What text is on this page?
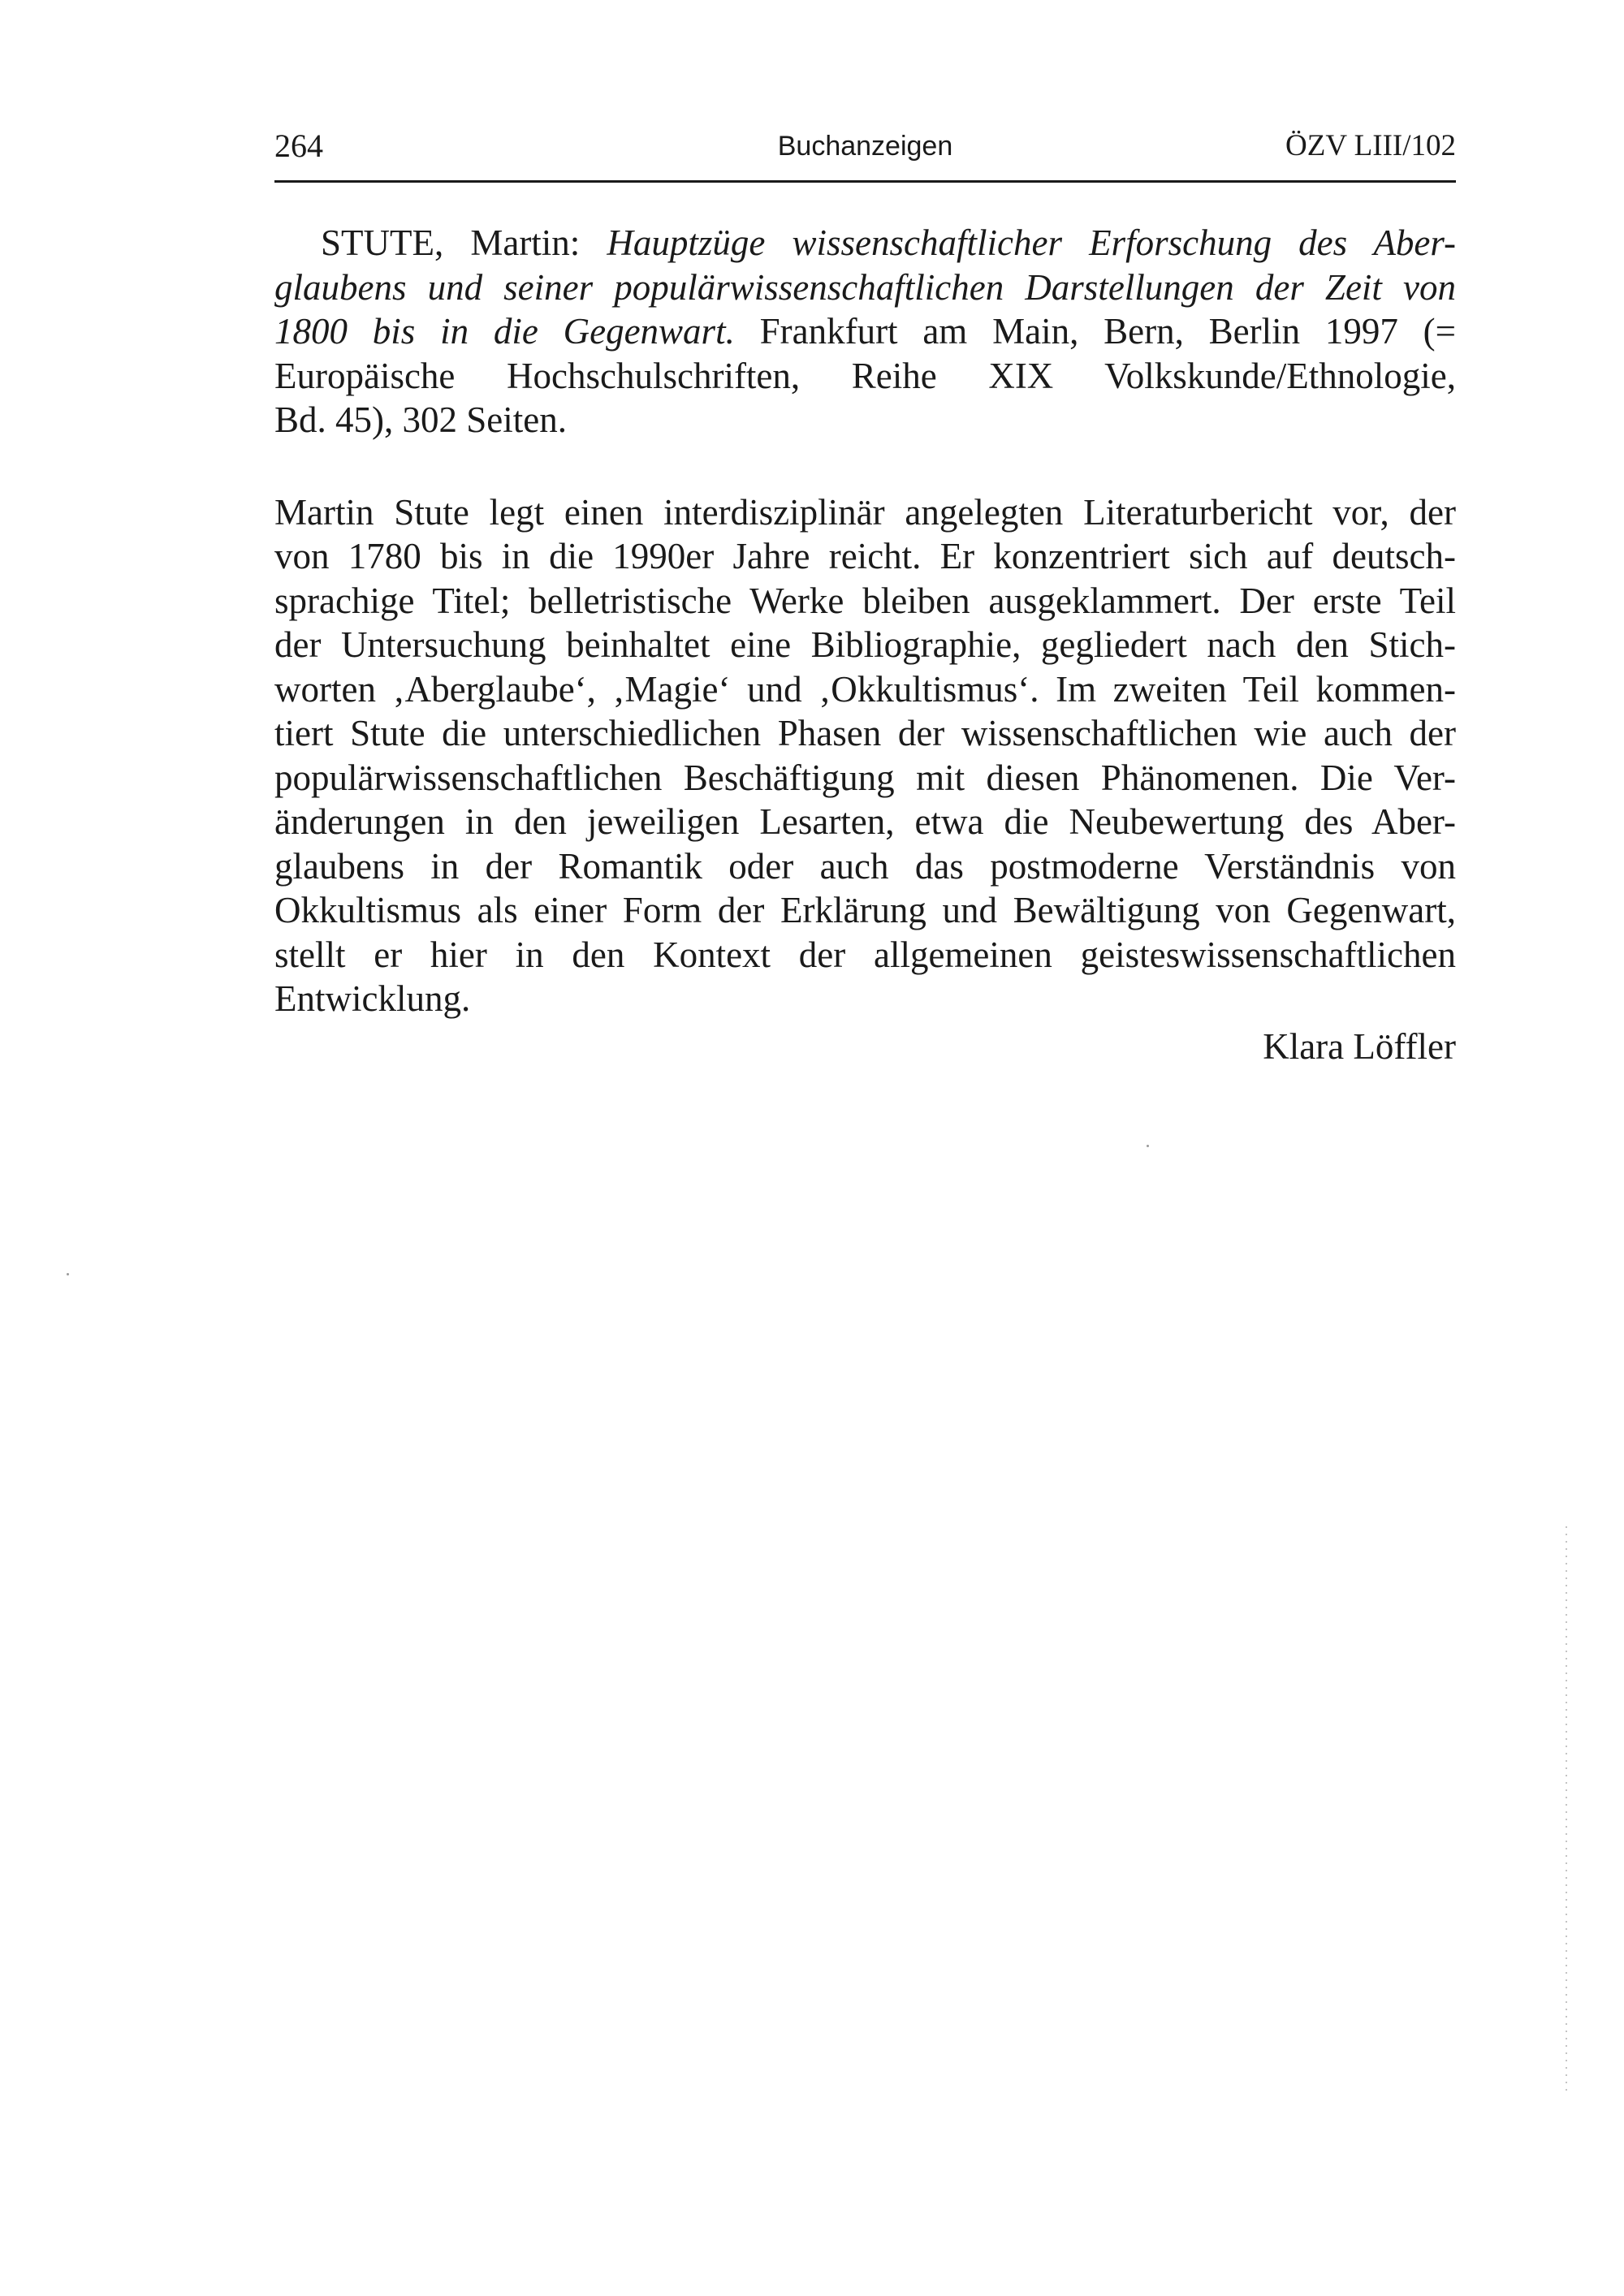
264	Buchanzeigen	ÖZV LIII/102
STUTE, Martin: Hauptzüge wissenschaftlicher Erforschung des Aber-
glaubens und seiner populärwissenschaftlichen Darstellungen der Zeit von
1800 bis in die Gegenwart. Frankfurt am Main, Bern, Berlin 1997 (=
Europäische Hochschulschriften, Reihe XIX Volkskunde/Ethnologie,
Bd. 45), 302 Seiten.
Martin Stute legt einen interdisziplinär angelegten Literaturbericht vor, der
von 1780 bis in die 1990er Jahre reicht. Er konzentriert sich auf deutsch-
sprachige Titel; belletristische Werke bleiben ausgeklammert. Der erste Teil
der Untersuchung beinhaltet eine Bibliographie, gegliedert nach den Stich-
worten ‚Aberglaube‘, ‚Magie‘ und ‚Okkultismus‘. Im zweiten Teil kommen-
tiert Stute die unterschiedlichen Phasen der wissenschaftlichen wie auch der
populärwissenschaftlichen Beschäftigung mit diesen Phänomenen. Die Ver-
änderungen in den jeweiligen Lesarten, etwa die Neubewertung des Aber-
glaubens in der Romantik oder auch das postmoderne Verständnis von
Okkultismus als einer Form der Erklärung und Bewältigung von Gegenwart,
stellt er hier in den Kontext der allgemeinen geisteswissenschaftlichen
Entwicklung.
Klara Löffler
